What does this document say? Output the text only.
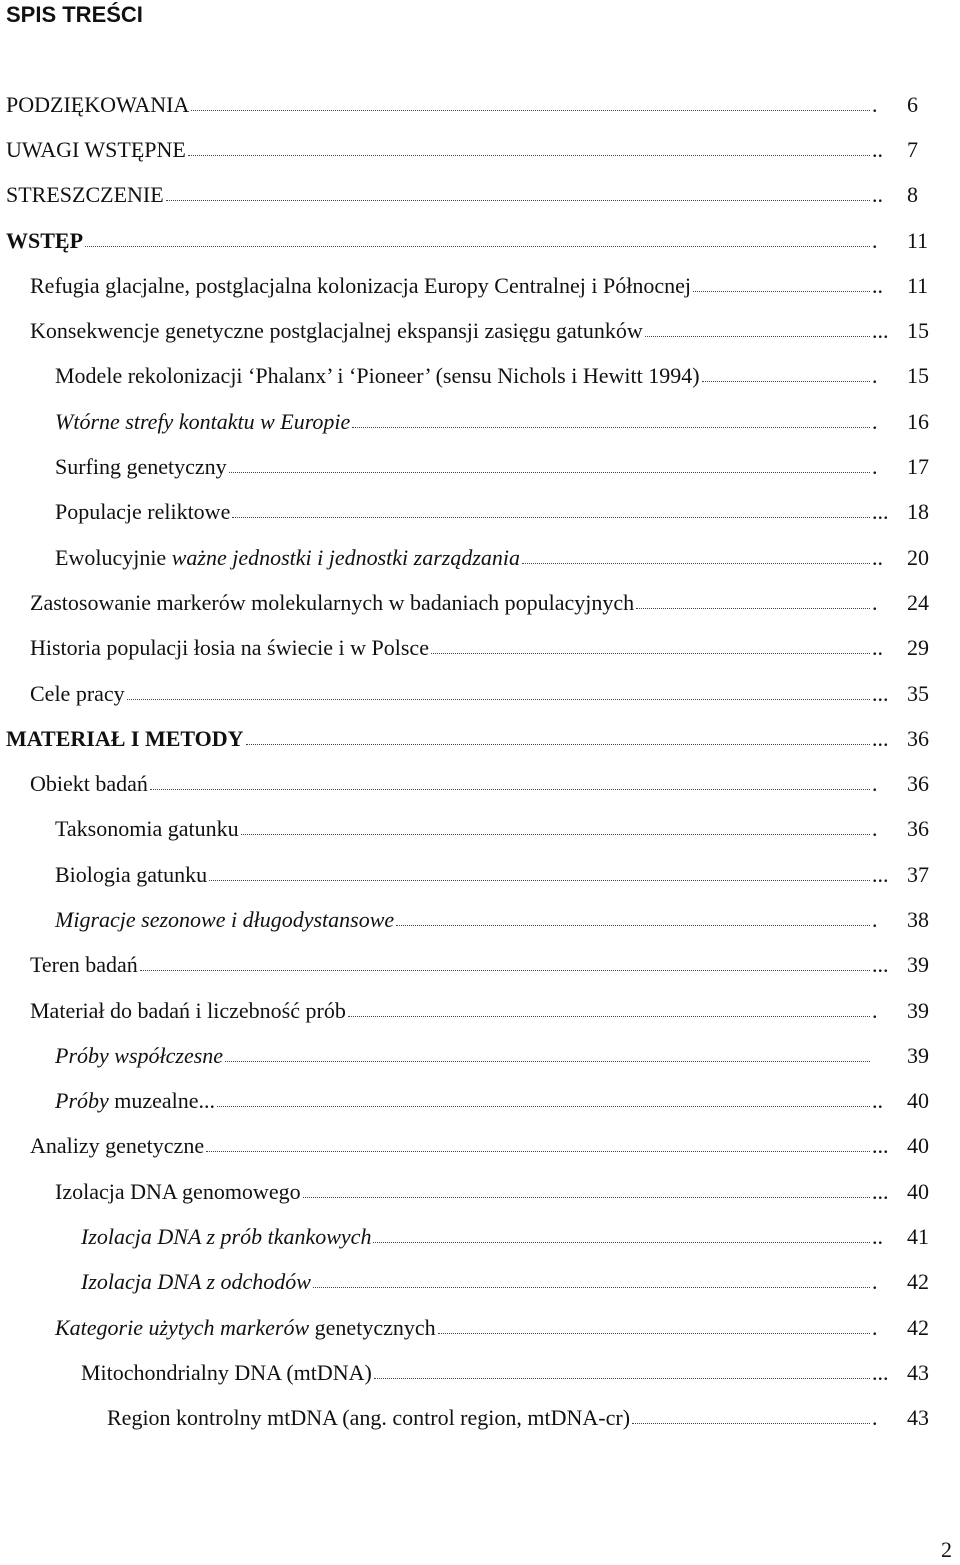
SPIS TREŚCI
PODZIĘKOWANIA	.	6
UWAGI WSTĘPNE	.. 7
STRESZCZENIE	.. 8
WSTĘP	.	11
Refugia glacjalne, postglacjalna kolonizacja Europy Centralnej i Północnej	.. 11
Konsekwencje genetyczne postglacjalnej ekspansji zasięgu gatunków	... 15
Modele rekolonizacji ‘Phalanx’ i ‘Pioneer’ (sensu Nichols i Hewitt 1994)	.	15
Wtórne strefy kontaktu w Europie	.	16
Surfing genetyczny	.	17
Populacje reliktowe	... 18
Ewolucyjnie ważne jednostki i jednostki zarządzania	.. 20
Zastosowanie markerów molekularnych w badaniach populacyjnych	.	24
Historia populacji łosia na świecie i w Polsce	.. 29
Cele pracy	... 35
MATERIAŁ I METODY	... 36
Obiekt badań	.	36
Taksonomia gatunku	.	36
Biologia gatunku	... 37
Migracje sezonowe i długodystansowe	.	38
Teren badań	... 39
Materiał do badań i liczebność prób	.	39
Próby współczesne	39
Próby muzealne...	.. 40
Analizy genetyczne	... 40
Izolacja DNA genomowego	... 40
Izolacja DNA z prób tkankowych	.. 41
Izolacja DNA z odchodów	.	42
Kategorie użytych markerów genetycznych	.	42
Mitochondrialny DNA (mtDNA)	... 43
Region kontrolny mtDNA (ang. control region, mtDNA-cr)	.	43
2
